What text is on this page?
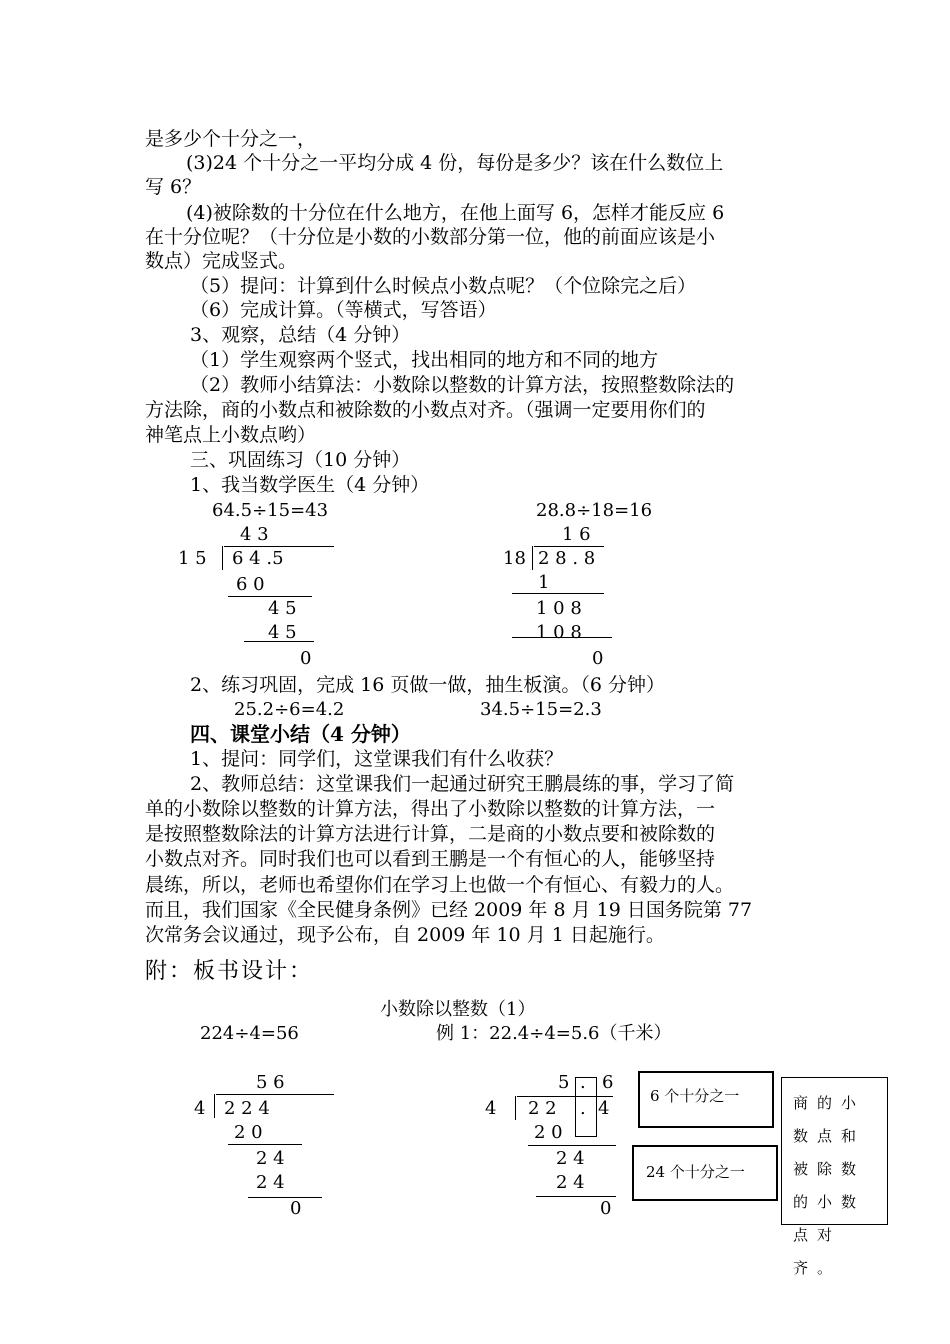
是多少个十分之一，
(3)24 个十分之一平均分成 4 份，每份是多少？该在什么数位上
写 6？
(4)被除数的十分位在什么地方，在他上面写 6，怎样才能反应 6
在十分位呢？（十分位是小数的小数部分第一位，他的前面应该是小
数点）完成竖式。
（5）提问：计算到什么时候点小数点呢？（个位除完之后）
（6）完成计算。（等横式，写答语）
3、观察，总结（4 分钟）
（1）学生观察两个竖式，找出相同的地方和不同的地方
（2）教师小结算法：小数除以整数的计算方法，按照整数除法的
方法除，商的小数点和被除数的小数点对齐。（强调一定要用你们的
神笔点上小数点哟）
三、巩固练习（10 分钟）
1、我当数学医生（4 分钟）
64.5÷15=43
4 3
1 5 6 4 .5
6 0
4 5
4 5
0
28.8÷18=16
1 6
18 2 8 . 8
1
1 0 8
1 0 8
0
2、练习巩固，完成 16 页做一做，抽生板演。（6 分钟）
25.2÷6=4.2	34.5÷15=2.3
四、课堂小结（4 分钟）
1、提问：同学们，这堂课我们有什么收获？
2、教师总结：这堂课我们一起通过研究王鹏晨练的事，学习了简
单的小数除以整数的计算方法，得出了小数除以整数的计算方法，一
是按照整数除法的计算方法进行计算，二是商的小数点要和被除数的
小数点对齐。同时我们也可以看到王鹏是一个有恒心的人，能够坚持
晨练，所以，老师也希望你们在学习上也做一个有恒心、有毅力的人。
而且，我们国家《全民健身条例》已经 2009 年 8 月 19 日国务院第 77
次常务会议通过，现予公布，自 2009 年 10 月 1 日起施行。
附：板书设计：
小数除以整数（1）
224÷4=56	例 1：22.4÷4=5.6（千米）
5 6
4 2 2 4
2 0
2 4
2 4
0
5 . 6
4 2 2 . 4
2 0
2 4
2 4
0
6 个十分之一
24 个十分之一
商的小数点和被除数的小数点对齐。
